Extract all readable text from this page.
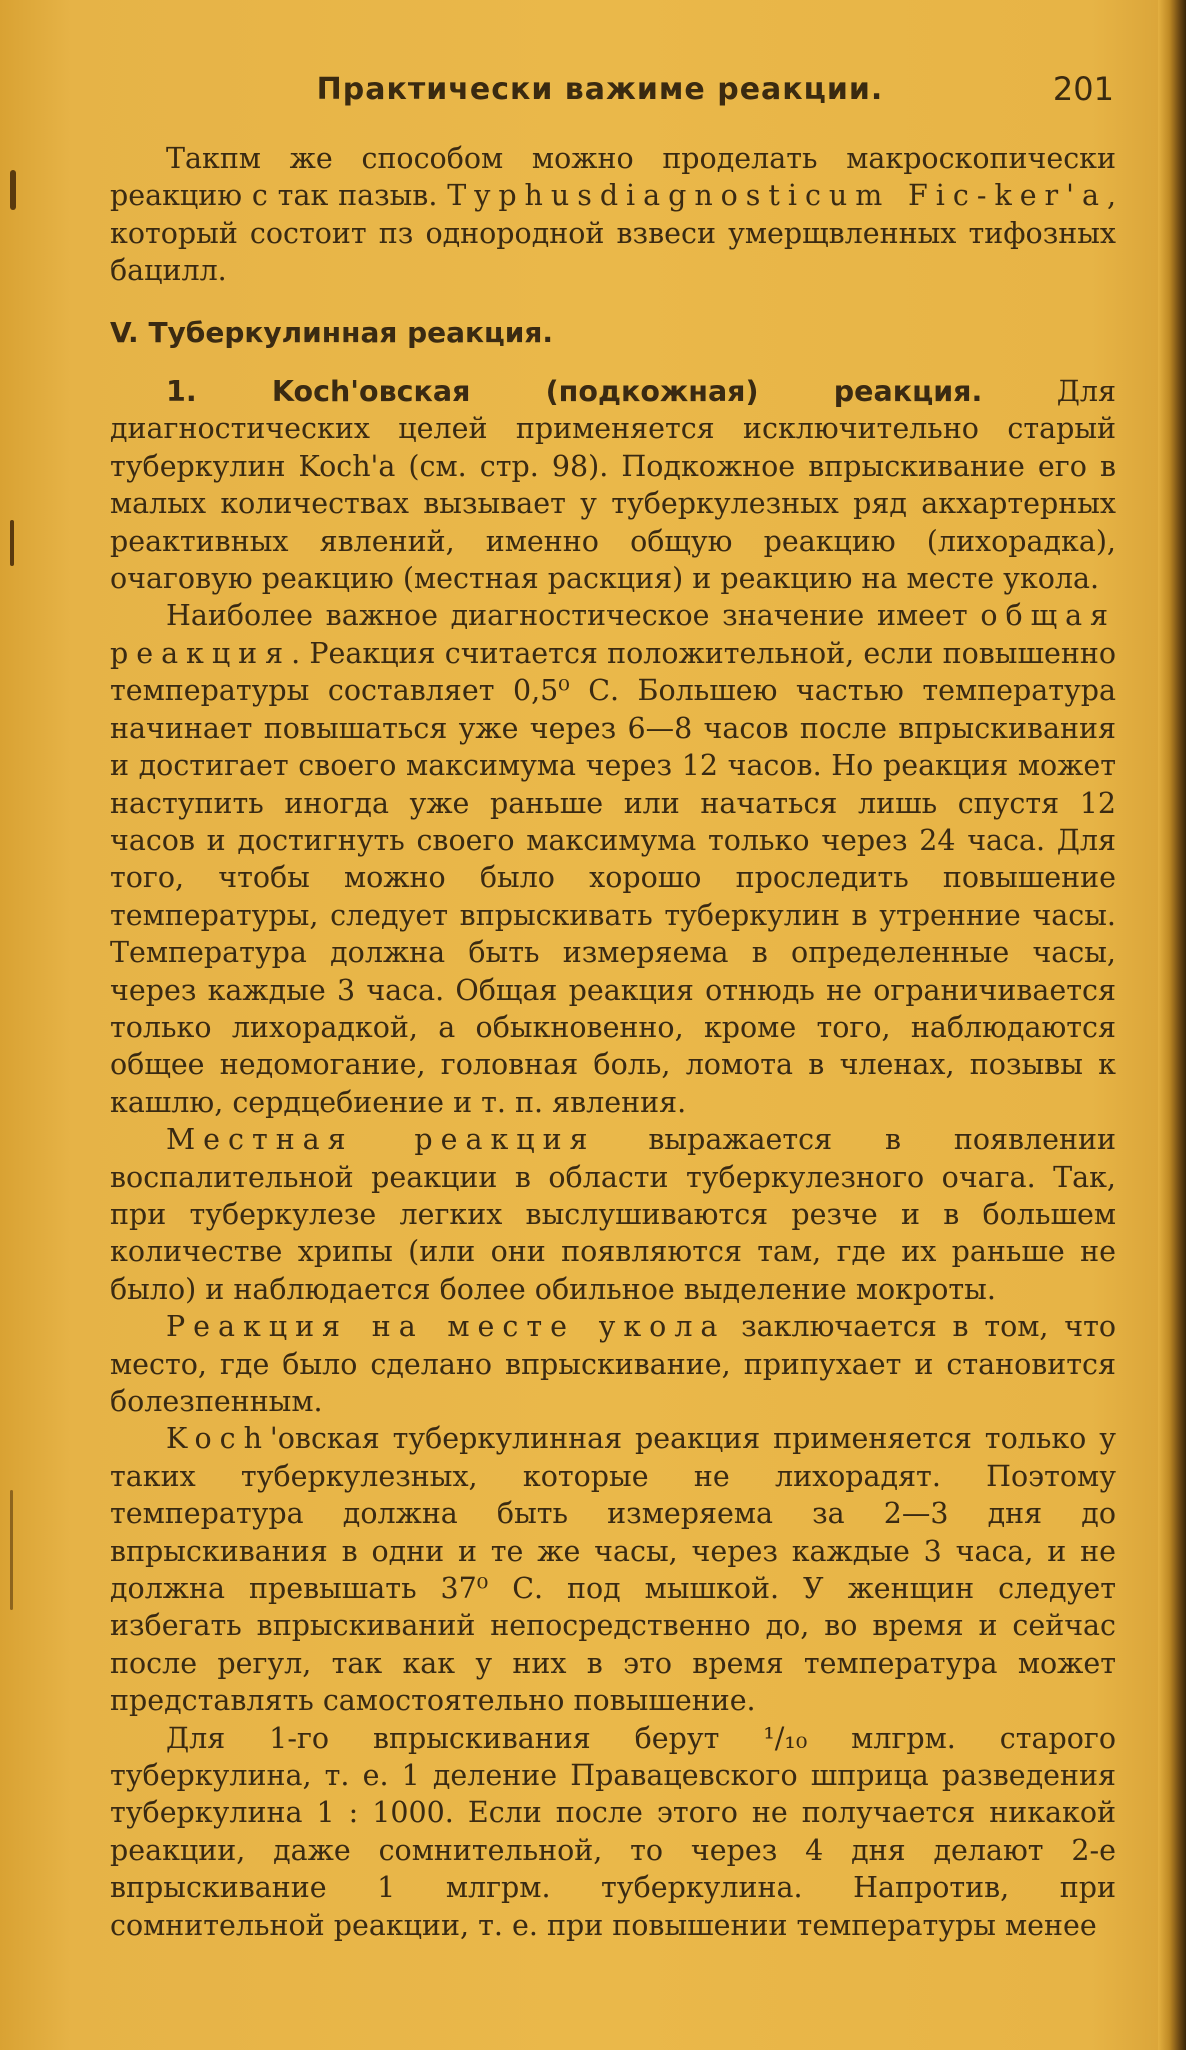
Практически важиме реакции.	201

Такпм же способом можно проделать макроскопически реакцию с так пазыв. Typhusdiagnosticum Fic-ker'a, который состоит пз однородной взвеси умерщвленных тифозных бацилл.

V. Туберкулинная реакция.

1. Koch'овская (подкожная) реакция. Для диагностических целей применяется исключительно старый туберкулин Koch'a (см. стр. 98). Подкожное впрыскивание его в малых количествах вызывает у туберкулезных ряд акхартерных реактивных явлений, именно общую реакцию (лихорадка), очаговую реакцию (местная раскция) и реакцию на месте укола.

Наиболее важное диагностическое значение имеет общая реакция. Реакция считается положительной, если повышенно температуры составляет 0,5⁰ С. Большею частью температура начинает повышаться уже через 6—8 часов после впрыскивания и достигает своего максимума через 12 часов. Но реакция может наступить иногда уже раньше или начаться лишь спустя 12 часов и достигнуть своего максимума только через 24 часа. Для того, чтобы можно было хорошо проследить повышение температуры, следует впрыскивать туберкулин в утренние часы. Температура должна быть измеряема в определенные часы, через каждые 3 часа. Общая реакция отнюдь не ограничивается только лихорадкой, а обыкновенно, кроме того, наблюдаются общее недомогание, головная боль, ломота в членах, позывы к кашлю, сердцебиение и т. п. явления.

Местная реакция выражается в появлении воспалительной реакции в области туберкулезного очага. Так, при туберкулезе легких выслушиваются резче и в большем количестве хрипы (или они появляются там, где их раньше не было) и наблюдается более обильное выделение мокроты.

Реакция на месте укола заключается в том, что место, где было сделано впрыскивание, припухает и становится болезпенным.

Koch'овская туберкулинная реакция применяется только у таких туберкулезных, которые не лихорадят. Поэтому температура должна быть измеряема за 2—3 дня до впрыскивания в одни и те же часы, через каждые 3 часа, и не должна превышать 37⁰ С. под мышкой. У женщин следует избегать впрыскиваний непосредственно до, во время и сейчас после регул, так как у них в это время температура может представлять самостоятельно повышение.

Для 1-го впрыскивания берут ¹/₁₀ млгрм. старого туберкулина, т. е. 1 деление Правацевского шприца разведения туберкулина 1 : 1000. Если после этого не получается никакой реакции, даже сомнительной, то через 4 дня делают 2-е впрыскивание 1 млгрм. туберкулина. Напротив, при сомнительной реакции, т. е. при повышении температуры менее
